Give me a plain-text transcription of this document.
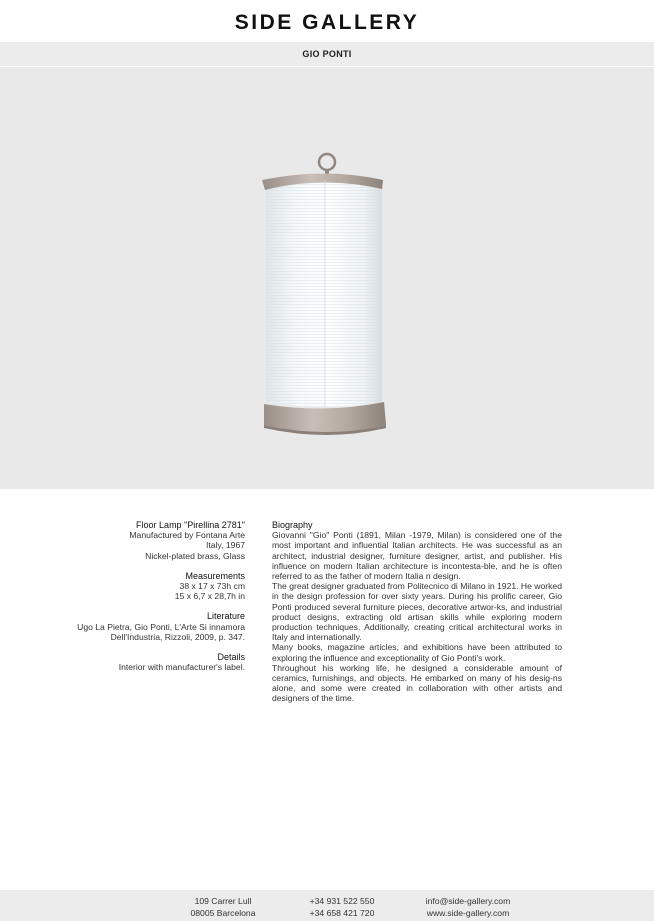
SIDE GALLERY
GIO PONTI
Floor Lamp "Pirellina 2781"
Manufactured by Fontana Arte
Italy, 1967
Nickel-plated brass, Glass
Measurements
38 x 17 x 73h cm
15 x 6,7 x 28,7h in
Literature
Ugo La Pietra, Gio Ponti, L'Arte Si innamora
Dell'Industria, Rizzoli, 2009, p. 347.
Details
Interior with manufacturer's label.
Biography

Giovanni "Gio" Ponti (1891, Milan -1979, Milan) is considered one of the most important and influential Italian architects. He was successful as an architect, industrial designer, furniture designer, artist, and publisher. His influence on modern Italian architecture is incontesta-ble, and he is often referred to as the father of modern Italia n design.

The great designer graduated from Politecnico di Milano in 1921. He worked in the design profession for over sixty years. During his prolific career, Gio Ponti produced several furniture pieces, decorative artwor-ks, and industrial product designs, extracting old artisan skills while exploring modern production techniques. Additionally, creating critical architectural works in Italy and internationally.

Many books, magazine articles, and exhibitions have been attributed to exploring the influence and exceptionality of Gio Ponti's work.

Throughout his working life, he designed a considerable amount of ceramics, furnishings, and objects. He embarked on many of his desig-ns alone, and some were created in collaboration with other artists and designers of the time.

109 Carrer Lull
08005 Barcelona
+34 931 522 550
+34 658 421 720
info@side-gallery.com
www.side-gallery.com
